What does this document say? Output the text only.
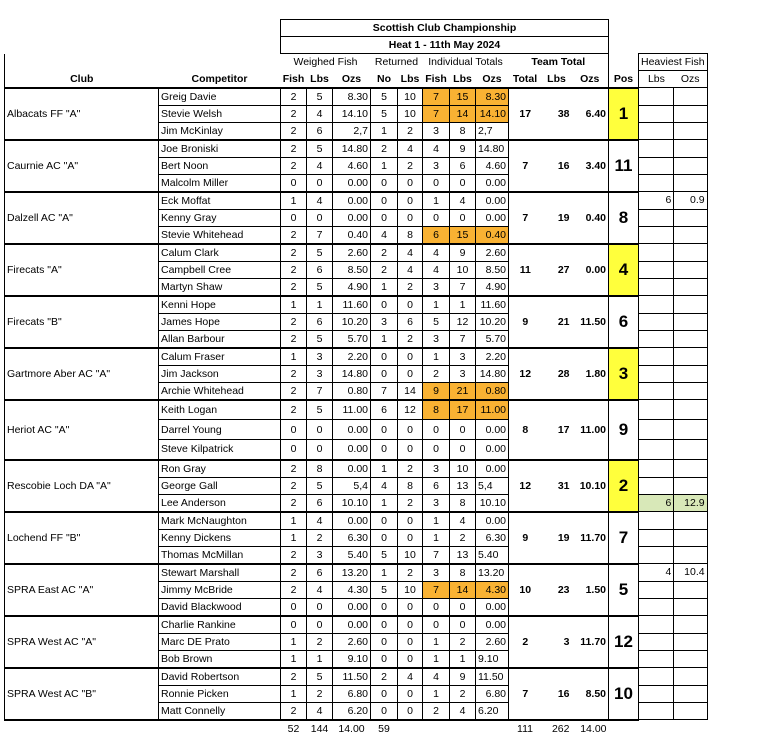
		Scottish Club Championship													
		Heat 1 - 11th May 2024													
		Weighed Fish			Returned		Individual Totals			Team Total				Heaviest Fish	
Club	Competitor	Fish	Lbs	Ozs	No	Lbs	Fish	Lbs	Ozs	Total	Lbs	Ozs	Pos	Lbs	Ozs
Albacats FF "A"	Greig Davie	2	5	8.30	5	10	7	15	8.30	17	38	6.40	1		
	Stevie Welsh	2	4	14.10	5	10	7	14	14.10						
	Jim McKinlay	2	6	2,7	1	2	3	8	2,7						
Caurnie AC "A"	Joe Broniski	2	5	14.80	2	4	4	9	14.80	7	16	3.40	11		
	Bert Noon	2	4	4.60	1	2	3	6	4.60						
	Malcolm Miller	0	0	0.00	0	0	0	0	0.00						
Dalzell AC "A"	Eck Moffat	1	4	0.00	0	0	1	4	0.00	7	19	0.40	8	6	0.9
	Kenny Gray	0	0	0.00	0	0	0	0	0.00						
	Stevie Whitehead	2	7	0.40	4	8	6	15	0.40						
Firecats "A"	Calum Clark	2	5	2.60	2	4	4	9	2.60	11	27	0.00	4		
	Campbell Cree	2	6	8.50	2	4	4	10	8.50						
	Martyn Shaw	2	5	4.90	1	2	3	7	4.90						
Firecats "B"	Kenni Hope	1	1	11.60	0	0	1	1	11.60	9	21	11.50	6		
	James Hope	2	6	10.20	3	6	5	12	10.20						
	Allan Barbour	2	5	5.70	1	2	3	7	5.70						
Gartmore Aber AC "A"	Calum Fraser	1	3	2.20	0	0	1	3	2.20	12	28	1.80	3		
	Jim Jackson	2	3	14.80	0	0	2	3	14.80						
	Archie Whitehead	2	7	0.80	7	14	9	21	0.80						
Heriot AC "A"	Keith Logan	2	5	11.00	6	12	8	17	11.00	8	17	11.00	9		
	Darrel Young	0	0	0.00	0	0	0	0	0.00						
	Steve Kilpatrick	0	0	0.00	0	0	0	0	0.00						
Rescobie Loch DA "A"	Ron Gray	2	8	0.00	1	2	3	10	0.00	12	31	10.10	2		
	George Gall	2	5	5,4	4	8	6	13	5,4						
	Lee Anderson	2	6	10.10	1	2	3	8	10.10					6	12.9
Lochend FF "B"	Mark McNaughton	1	4	0.00	0	0	1	4	0.00	9	19	11.70	7		
	Kenny Dickens	1	2	6.30	0	0	1	2	6.30						
	Thomas McMillan	2	3	5.40	5	10	7	13	5.40						
SPRA East AC "A"	Stewart Marshall	2	6	13.20	1	2	3	8	13.20	10	23	1.50	5	4	10.4
	Jimmy McBride	2	4	4.30	5	10	7	14	4.30						
	David Blackwood	0	0	0.00	0	0	0	0	0.00						
SPRA West AC "A"	Charlie Rankine	0	0	0.00	0	0	0	0	0.00	2	3	11.70	12		
	Marc DE Prato	1	2	2.60	0	0	1	2	2.60						
	Bob Brown	1	1	9.10	0	0	1	1	9.10						
SPRA West AC "B"	David Robertson	2	5	11.50	2	4	4	9	11.50	7	16	8.50	10		
	Ronnie Picken	1	2	6.80	0	0	1	2	6.80						
	Matt Connelly	2	4	6.20	0	0	2	4	6.20						
		52	144	14.00	59					111	262	14.00			
